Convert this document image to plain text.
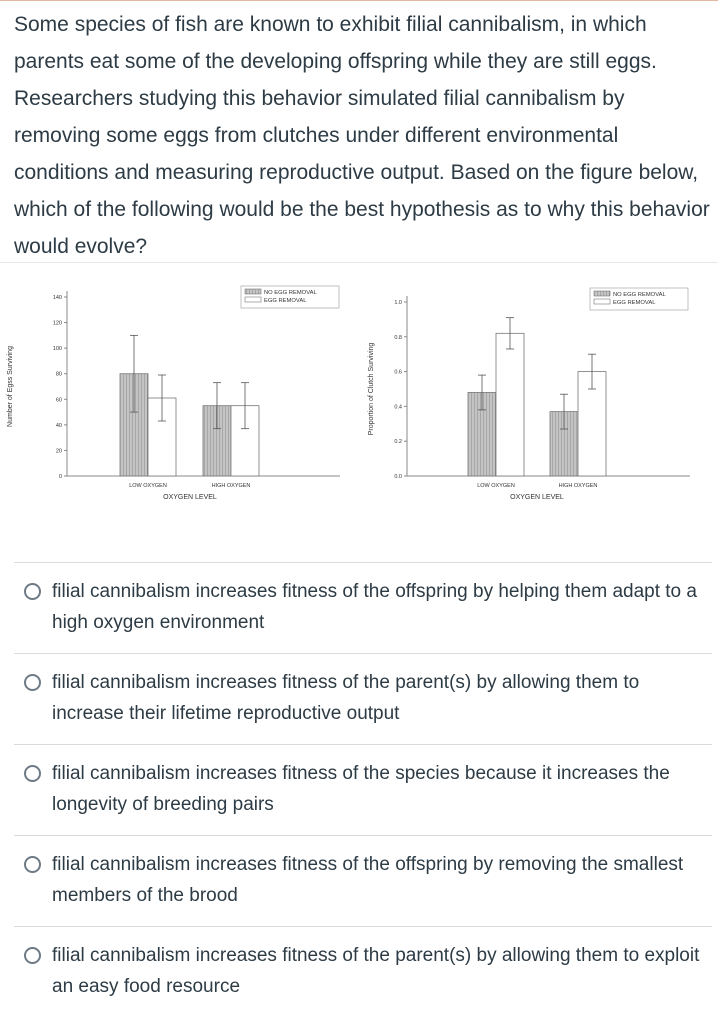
Some species of fish are known to exhibit filial cannibalism, in which parents eat some of the developing offspring while they are still eggs. Researchers studying this behavior simulated filial cannibalism by removing some eggs from clutches under different environmental conditions and measuring reproductive output. Based on the figure below, which of the following would be the best hypothesis as to why this behavior would evolve?
0
20
40
60
80
100
120
140
Number of Egss Surviving
LOW OXYGEN	HIGH OXYGEN
OXYGEN LEVEL
NO EGG REMOVAL
EGG REMOVAL
0.0
0.2
0.4
0.6
0.8
1.0
Proportion of Clutch Surviving
LOW OXYGEN	HIGH OXYGEN
OXYGEN LEVEL
NO EGG REMOVAL
EGG REMOVAL
filial cannibalism increases fitness of the offspring by helping them adapt to a high oxygen environment
filial cannibalism increases fitness of the parent(s) by allowing them to increase their lifetime reproductive output
filial cannibalism increases fitness of the species because it increases the longevity of breeding pairs
filial cannibalism increases fitness of the offspring by removing the smallest members of the brood
filial cannibalism increases fitness of the parent(s) by allowing them to exploit an easy food resource
